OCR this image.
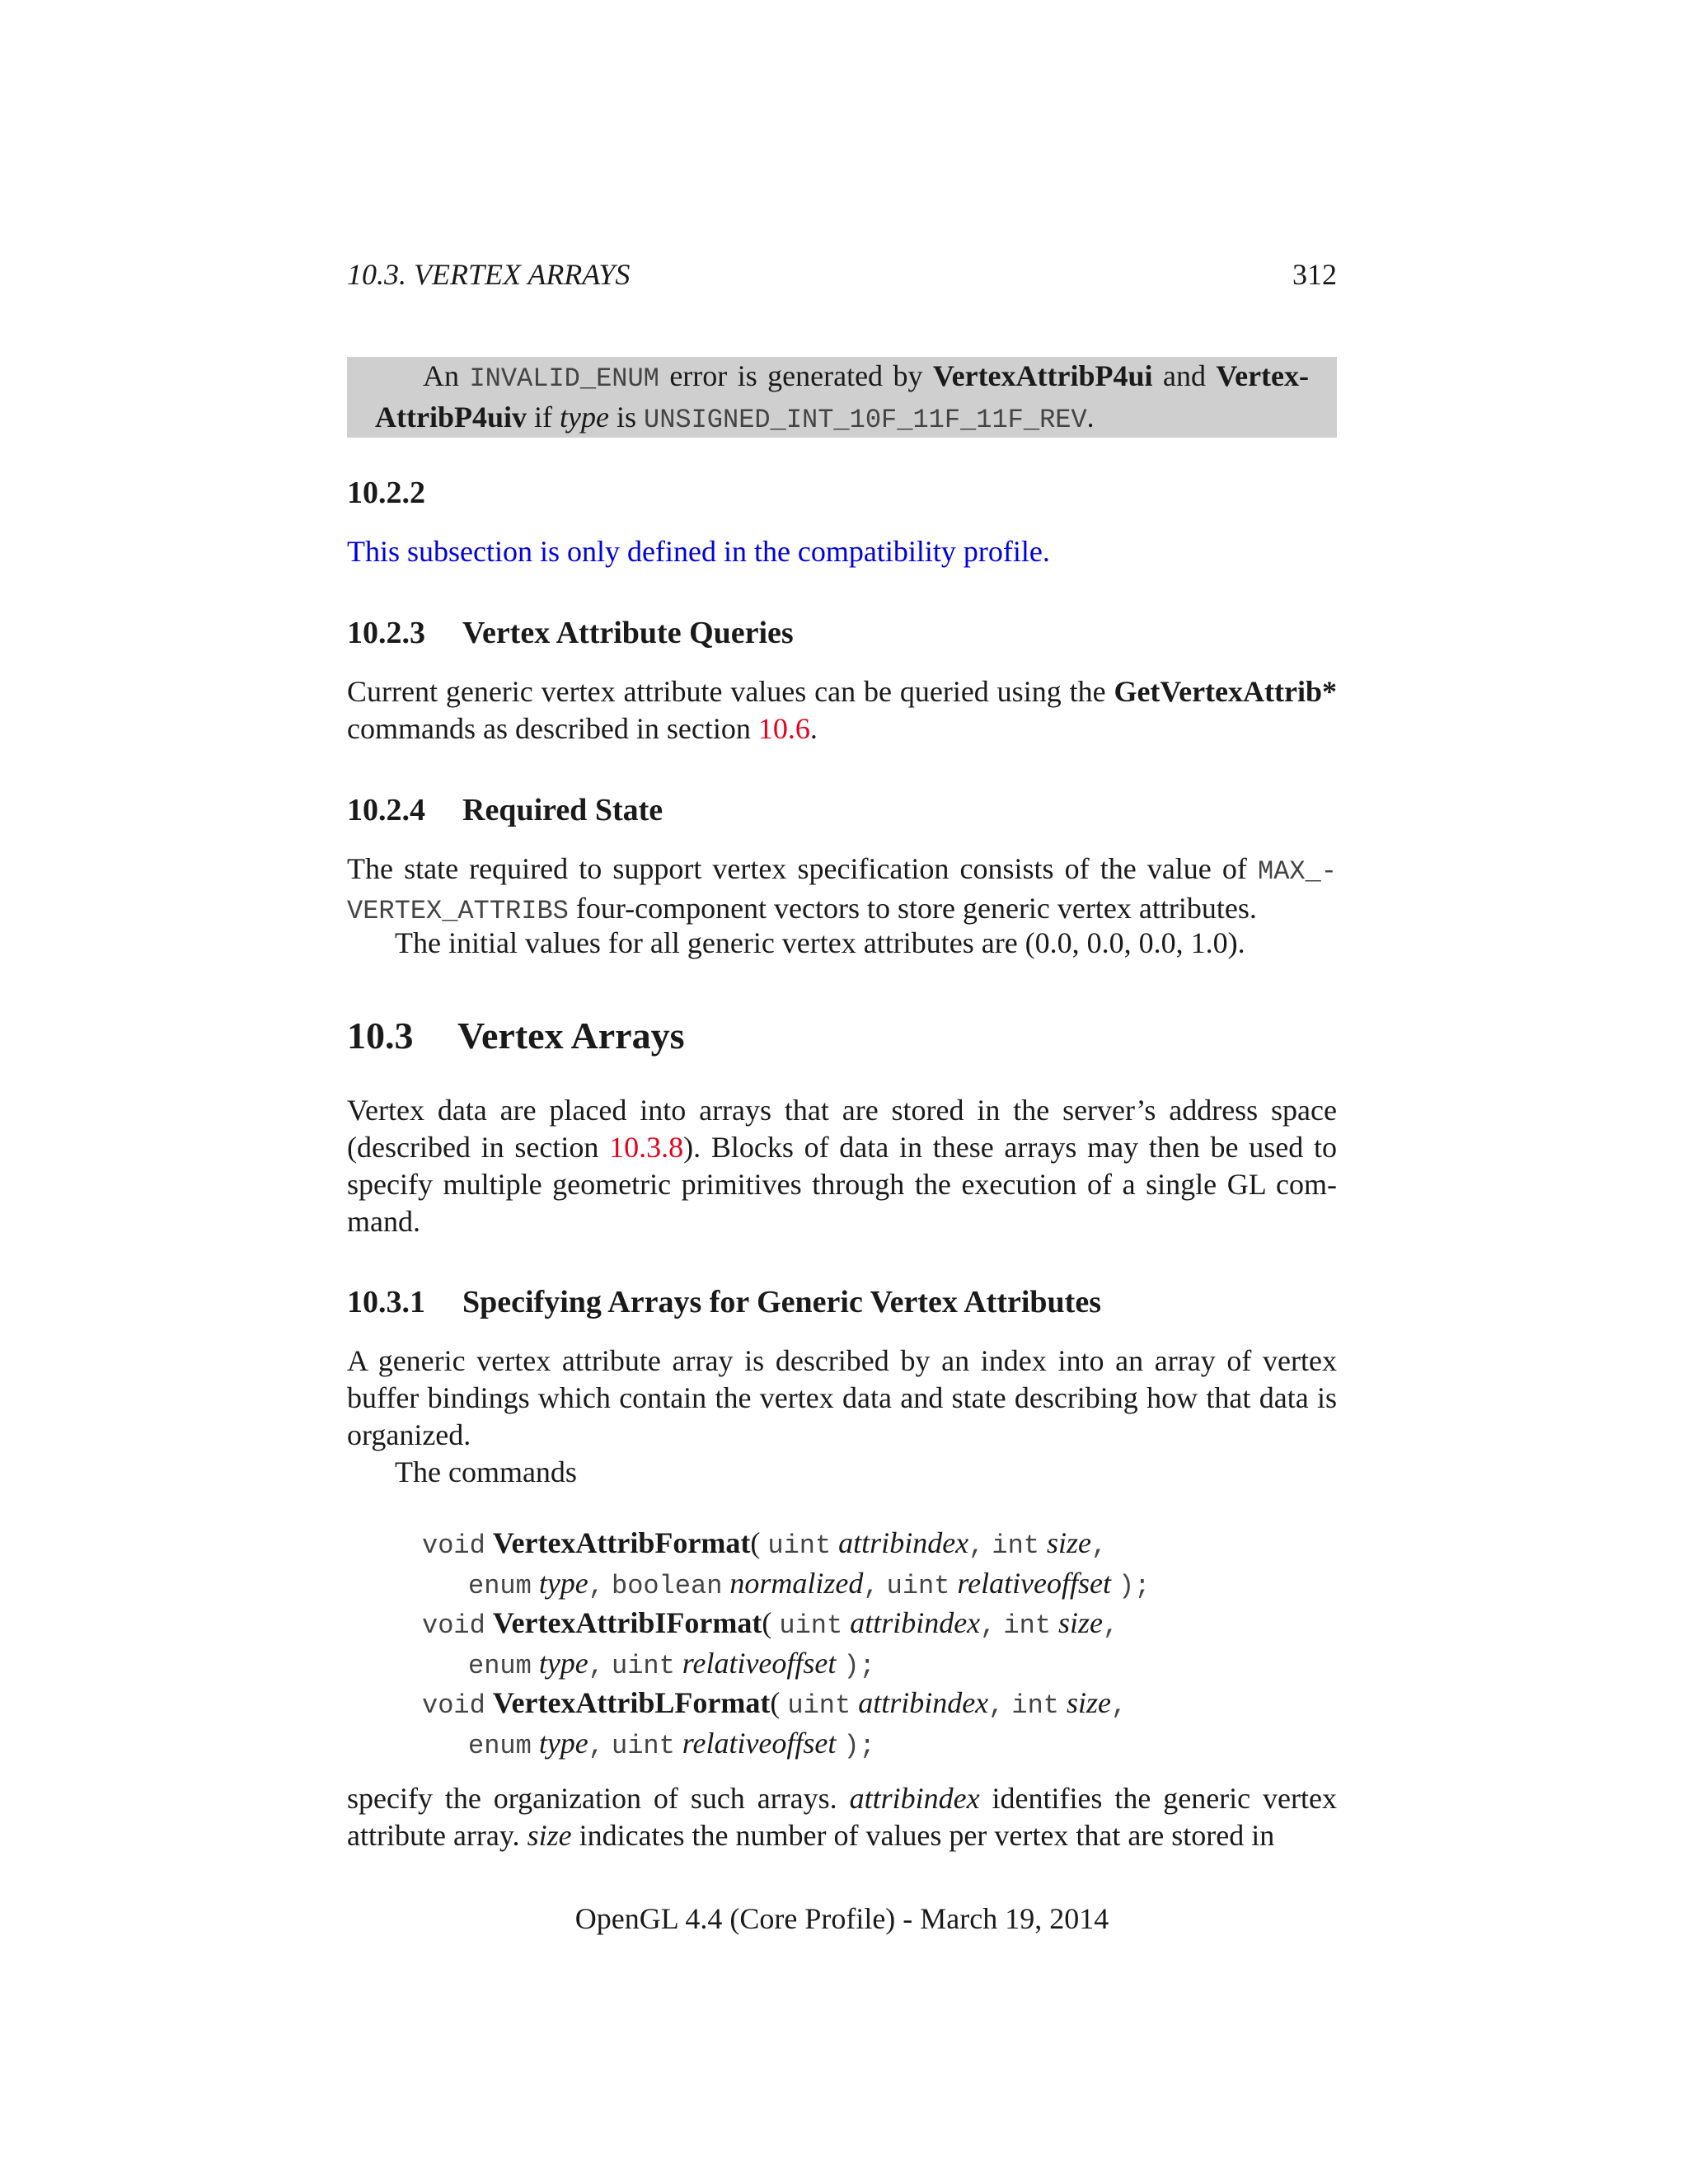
10.3. VERTEX ARRAYS	312
An INVALID_ENUM error is generated by VertexAttribP4ui and Vertex-AttribP4uiv if type is UNSIGNED_INT_10F_11F_11F_REV.
10.2.2

This subsection is only defined in the compatibility profile.

10.2.3 Vertex Attribute Queries

Current generic vertex attribute values can be queried using the GetVertexAttrib* commands as described in section 10.6.

10.2.4 Required State

The state required to support vertex specification consists of the value of MAX_-VERTEX_ATTRIBS four-component vectors to store generic vertex attributes.

The initial values for all generic vertex attributes are (0.0, 0.0, 0.0, 1.0).

10.3 Vertex Arrays

Vertex data are placed into arrays that are stored in the server’s address space (described in section 10.3.8). Blocks of data in these arrays may then be used to specify multiple geometric primitives through the execution of a single GL com-mand.

10.3.1 Specifying Arrays for Generic Vertex Attributes

A generic vertex attribute array is described by an index into an array of vertex buffer bindings which contain the vertex data and state describing how that data is organized.

The commands

void VertexAttribFormat( uint attribindex, int size,
enum type, boolean normalized, uint relativeoffset );
void VertexAttribIFormat( uint attribindex, int size,
enum type, uint relativeoffset );
void VertexAttribLFormat( uint attribindex, int size,
enum type, uint relativeoffset );

specify the organization of such arrays. attribindex identifies the generic vertex attribute array. size indicates the number of values per vertex that are stored in

OpenGL 4.4 (Core Profile) - March 19, 2014
